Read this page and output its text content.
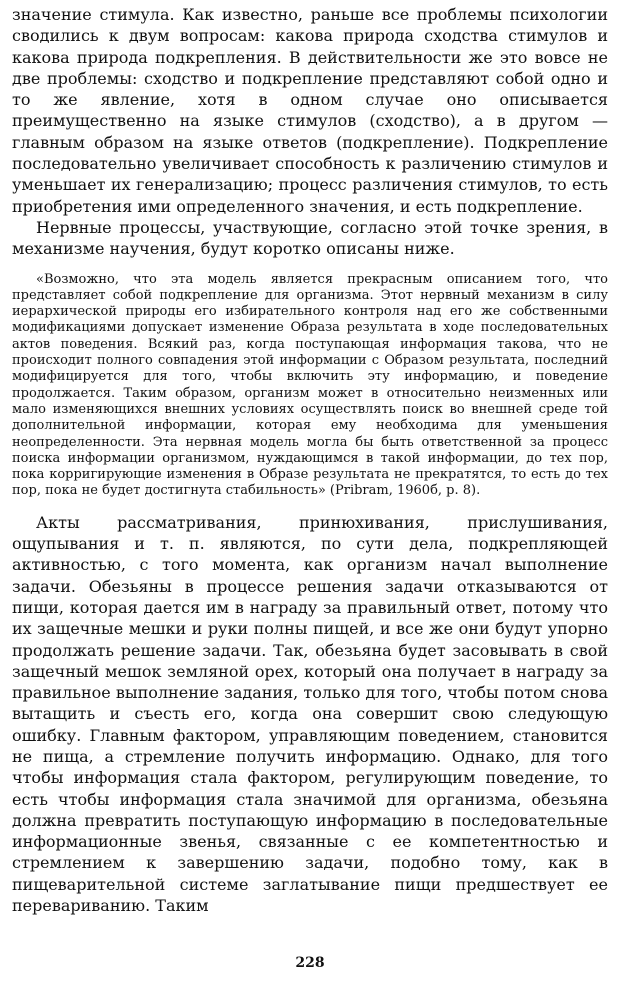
значение стимула. Как известно, раньше все проблемы психологии сводились к двум вопросам: какова природа сходства стимулов и какова природа подкрепления. В действительности же это вовсе не две проблемы: сходство и подкрепление представляют собой одно и то же явление, хотя в одном случае оно описывается преимущественно на языке стимулов (сходство), а в другом — главным образом на языке ответов (подкрепление). Подкрепление последовательно увеличивает способность к различению стимулов и уменьшает их генерализацию; процесс различения стимулов, то есть приобретения ими определенного значения, и есть подкрепление.

Нервные процессы, участвующие, согласно этой точке зрения, в механизме научения, будут коротко описаны ниже.

«Возможно, что эта модель является прекрасным описанием того, что представляет собой подкрепление для организма. Этот нервный механизм в силу иерархической природы его избирательного контроля над его же собственными модификациями допускает изменение Образа результата в ходе последовательных актов поведения. Всякий раз, когда поступающая информация такова, что не происходит полного совпадения этой информации с Образом результата, последний модифицируется для того, чтобы включить эту информацию, и поведение продолжается. Таким образом, организм может в относительно неизменных или мало изменяющихся внешних условиях осуществлять поиск во внешней среде той дополнительной информации, которая ему необходима для уменьшения неопределенности. Эта нервная модель могла бы быть ответственной за процесс поиска информации организмом, нуждающимся в такой информации, до тех пор, пока корригирующие изменения в Образе результата не прекратятся, то есть до тех пор, пока не будет достигнута стабильность» (Pribram, 1960б, р. 8).

Акты рассматривания, принюхивания, прислушивания, ощупывания и т. п. являются, по сути дела, подкрепляющей активностью, с того момента, как организм начал выполнение задачи. Обезьяны в процессе решения задачи отказываются от пищи, которая дается им в награду за правильный ответ, потому что их защечные мешки и руки полны пищей, и все же они будут упорно продолжать решение задачи. Так, обезьяна будет засовывать в свой защечный мешок земляной орех, который она получает в награду за правильное выполнение задания, только для того, чтобы потом снова вытащить и съесть его, когда она совершит свою следующую ошибку. Главным фактором, управляющим поведением, становится не пища, а стремление получить информацию. Однако, для того чтобы информация стала фактором, регулирующим поведение, то есть чтобы информация стала значимой для организма, обезьяна должна превратить поступающую информацию в последовательные информационные звенья, связанные с ее компетентностью и стремлением к завершению задачи, подобно тому, как в пищеварительной системе заглатывание пищи предшествует ее перевариванию. Таким

228
